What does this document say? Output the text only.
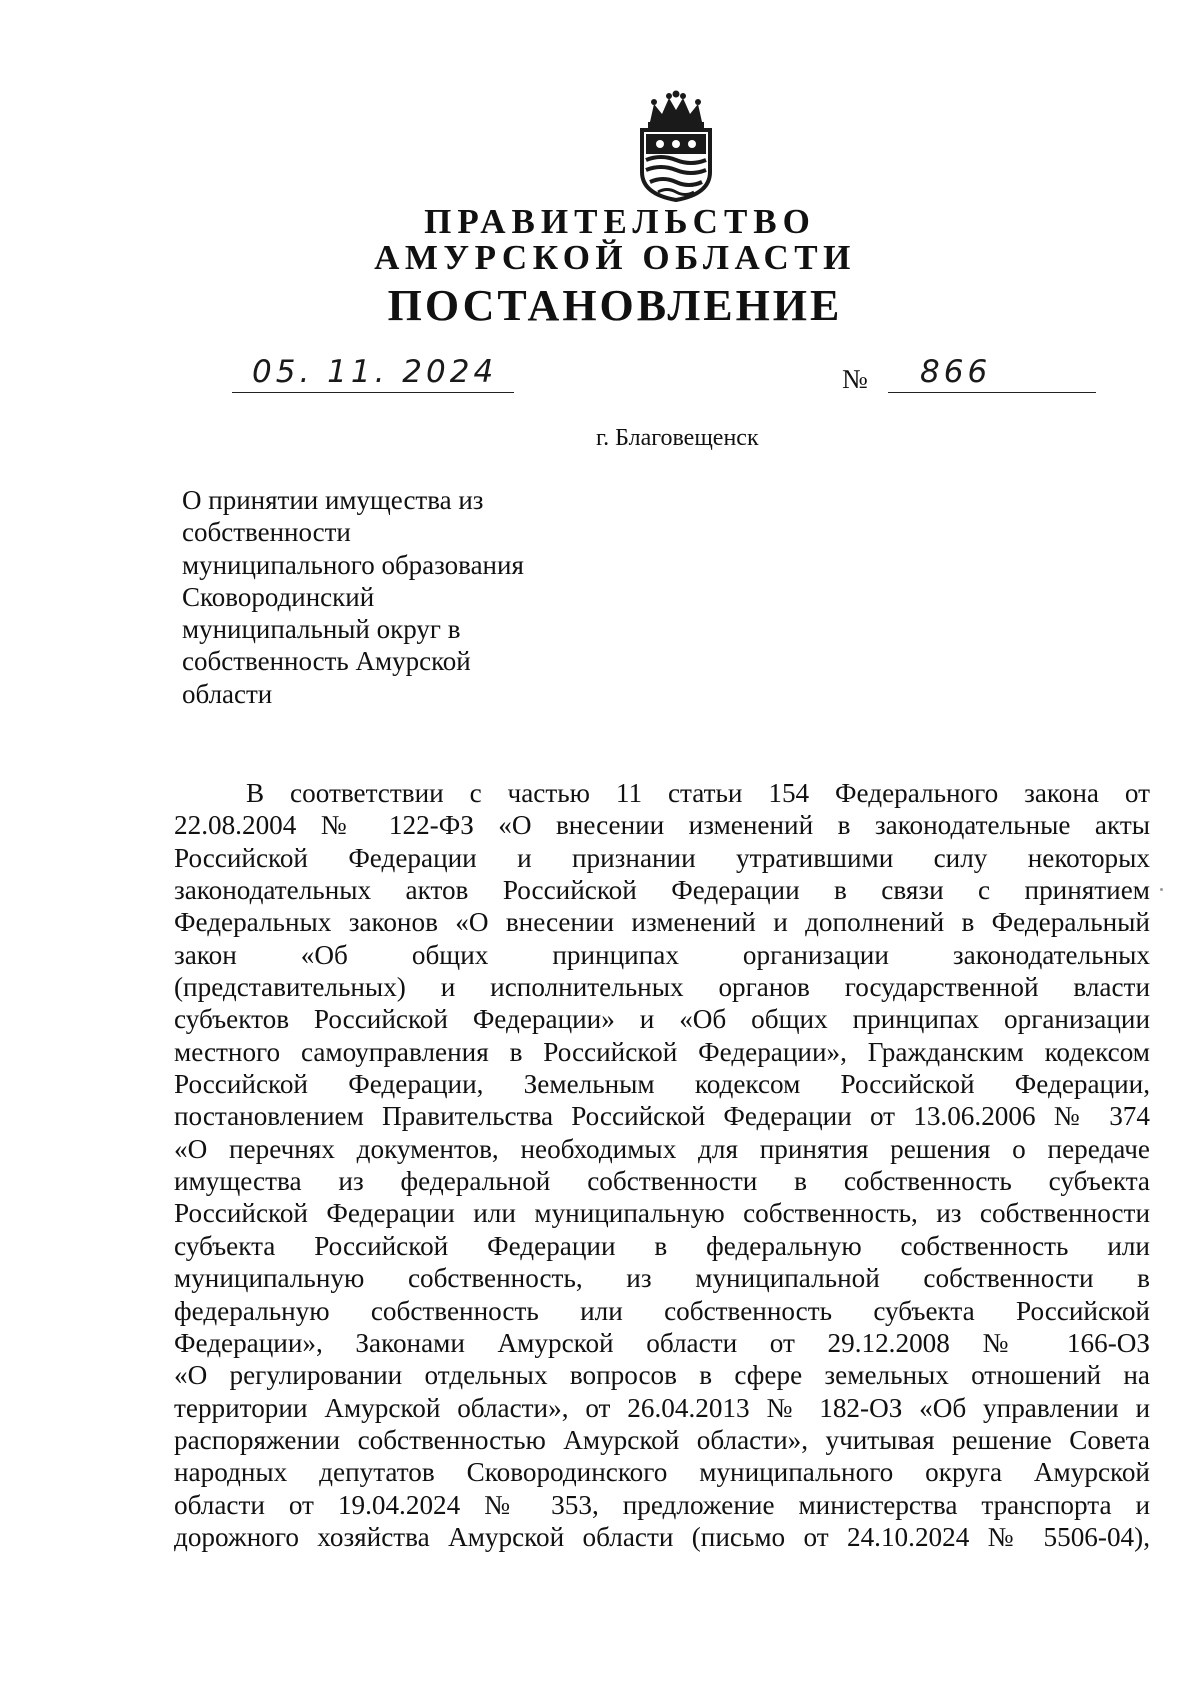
ПРАВИТЕЛЬСТВО
АМУРСКОЙ ОБЛАСТИ
ПОСТАНОВЛЕНИЕ
05. 11. 2024	№ 866
г. Благовещенск
О принятии имущества из
собственности
муниципального образования
Сковородинский
муниципальный округ в
собственность Амурской
области
В соответствии с частью 11 статьи 154 Федерального закона от
22.08.2004 № 122-ФЗ «О внесении изменений в законодательные акты
Российской Федерации и признании утратившими силу некоторых
законодательных актов Российской Федерации в связи с принятием
Федеральных законов «О внесении изменений и дополнений в Федеральный
закон «Об общих принципах организации законодательных
(представительных) и исполнительных органов государственной власти
субъектов Российской Федерации» и «Об общих принципах организации
местного самоуправления в Российской Федерации», Гражданским кодексом
Российской Федерации, Земельным кодексом Российской Федерации,
постановлением Правительства Российской Федерации от 13.06.2006 № 374
«О перечнях документов, необходимых для принятия решения о передаче
имущества из федеральной собственности в собственность субъекта
Российской Федерации или муниципальную собственность, из собственности
субъекта Российской Федерации в федеральную собственность или
муниципальную собственность, из муниципальной собственности в
федеральную собственность или собственность субъекта Российской
Федерации», Законами Амурской области от 29.12.2008 № 166-ОЗ
«О регулировании отдельных вопросов в сфере земельных отношений на
территории Амурской области», от 26.04.2013 № 182-ОЗ «Об управлении и
распоряжении собственностью Амурской области», учитывая решение Совета
народных депутатов Сковородинского муниципального округа Амурской
области от 19.04.2024 № 353, предложение министерства транспорта и
дорожного хозяйства Амурской области (письмо от 24.10.2024 № 5506-04),
